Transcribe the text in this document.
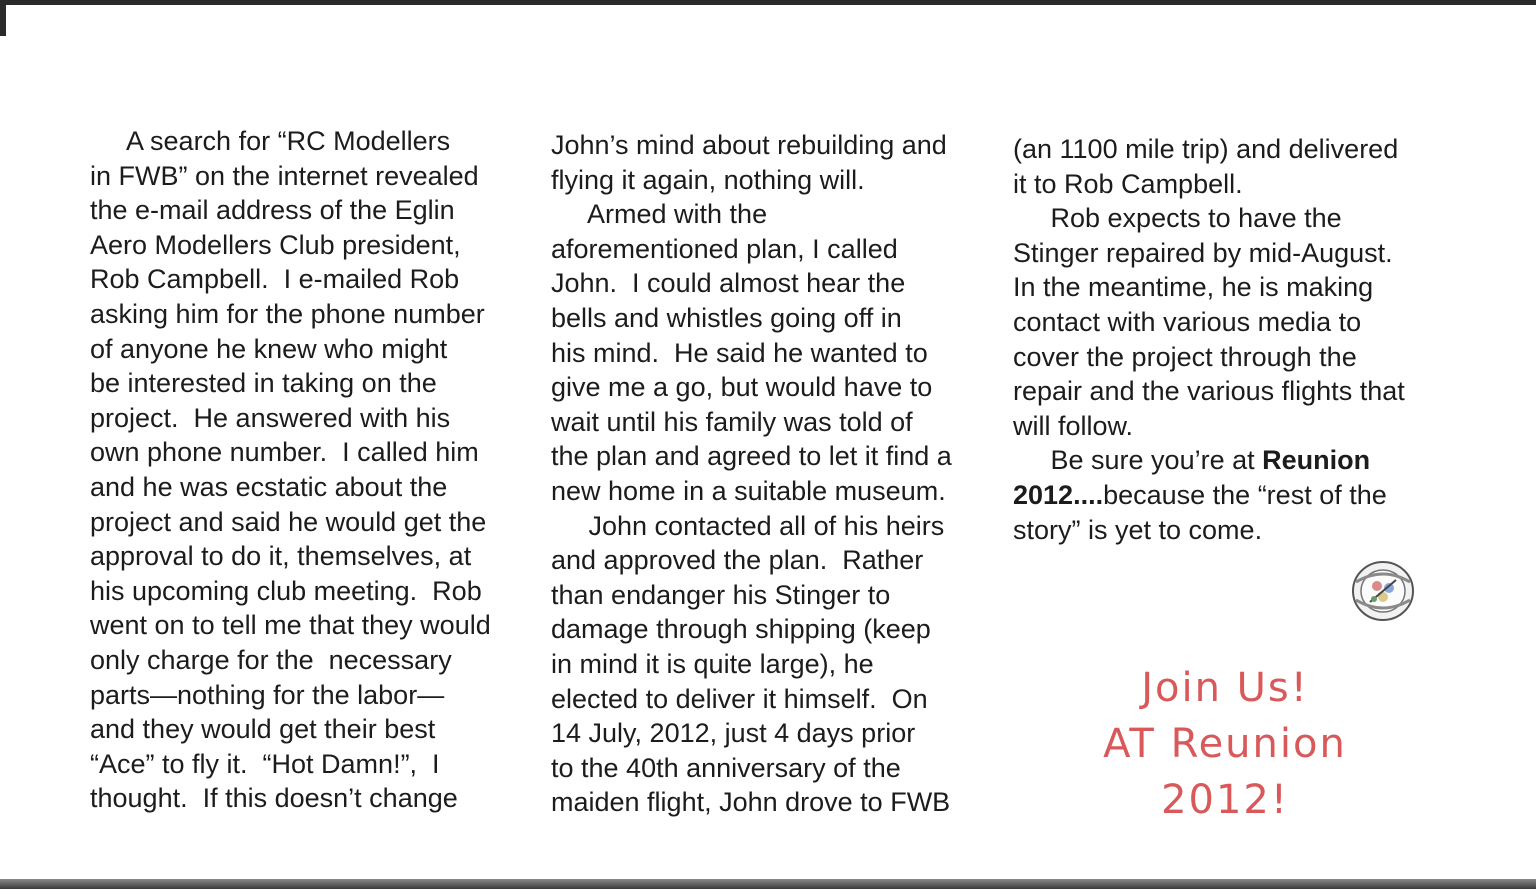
A search for “RC Modellers
in FWB” on the internet revealed
the e-mail address of the Eglin
Aero Modellers Club president,
Rob Campbell.  I e-mailed Rob
asking him for the phone number
of anyone he knew who might
be interested in taking on the
project.  He answered with his
own phone number.  I called him
and he was ecstatic about the
project and said he would get the
approval to do it, themselves, at
his upcoming club meeting.  Rob
went on to tell me that they would
only charge for the  necessary
parts—nothing for the labor—
and they would get their best
“Ace” to fly it.  “Hot Damn!”,  I
thought.  If this doesn’t change
John’s mind about rebuilding and
flying it again, nothing will.
Armed with the
aforementioned plan, I called
John.  I could almost hear the
bells and whistles going off in
his mind.  He said he wanted to
give me a go, but would have to
wait until his family was told of
the plan and agreed to let it find a
new home in a suitable museum.
John contacted all of his heirs
and approved the plan.  Rather
than endanger his Stinger to
damage through shipping (keep
in mind it is quite large), he
elected to deliver it himself.  On
14 July, 2012, just 4 days prior
to the 40th anniversary of the
maiden flight, John drove to FWB
(an 1100 mile trip) and delivered
it to Rob Campbell.
Rob expects to have the
Stinger repaired by mid-August.
In the meantime, he is making
contact with various media to
cover the project through the
repair and the various flights that
will follow.
Be sure you’re at Reunion
2012....because the “rest of the
story” is yet to come.
Join Us!
AT Reunion
2012!
